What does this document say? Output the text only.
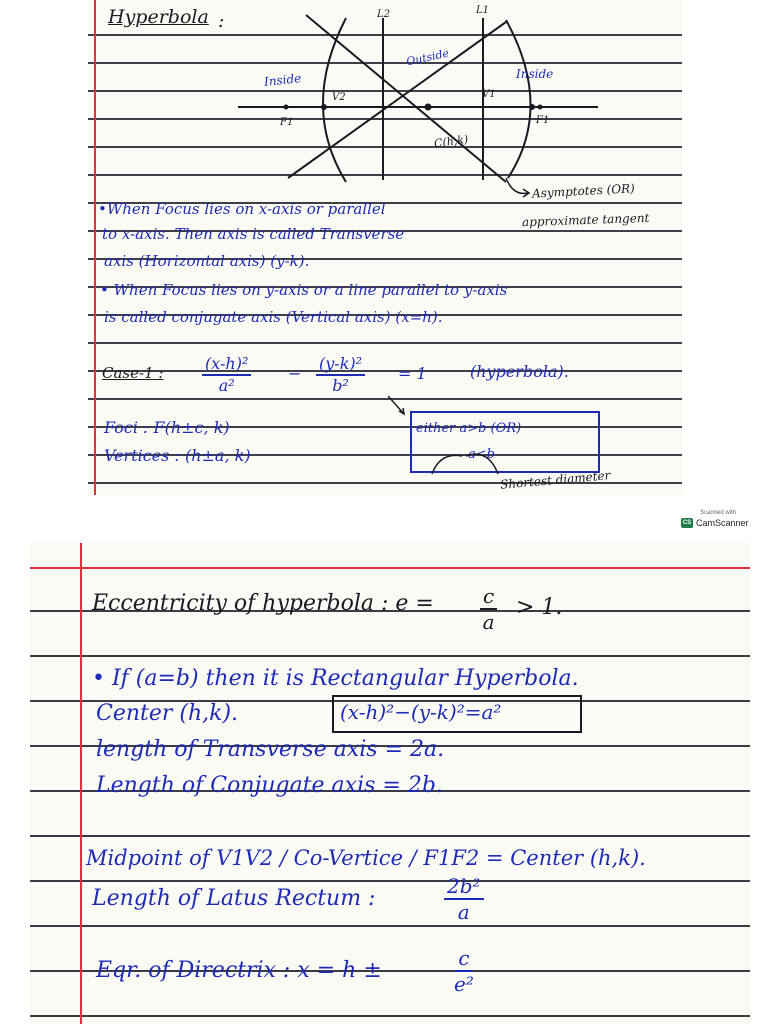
Hyperbola :	L2	L1
Outside
Inside	Inside
V2	V1
F1	F1
C(h,k)
Asymptotes (OR)
approximate tangent
•When Focus lies on x-axis or parallel
to x-axis. Then axis is called Transverse
axis (Horizontal axis) (y-k).
• When Focus lies on y-axis or a line parallel to y-axis
is called conjugate axis (Vertical axis) (x=h).
Case-1 : $\frac{\text{(x-h)²}}{\text{a²}} - \frac{\text{(y-k)²}}{\text{b²}} = 1$	(hyperbola).
Foci : F(h±c, k)
Vertices : (h±a, k)
either a>b (OR)
a<b
Shortest diameter
Scanned with
CS CamScanner
Eccentricity of hyperbola : $e = \frac{c}{a} > 1$.
• If (a=b) then it is Rectangular Hyperbola.
Center (h,k).	(x-h)²−(y-k)²=a²
length of Transverse axis = 2a.
Length of Conjugate axis = 2b.
Midpoint of V1V2 / Co-Vertice / F1F2 = Center (h,k).
Length of Latus Rectum :	$\frac{\text{2b²}}{a}$
Eqr. of Directrix : x = h ±	$\frac{c}{\text{e²}}$
